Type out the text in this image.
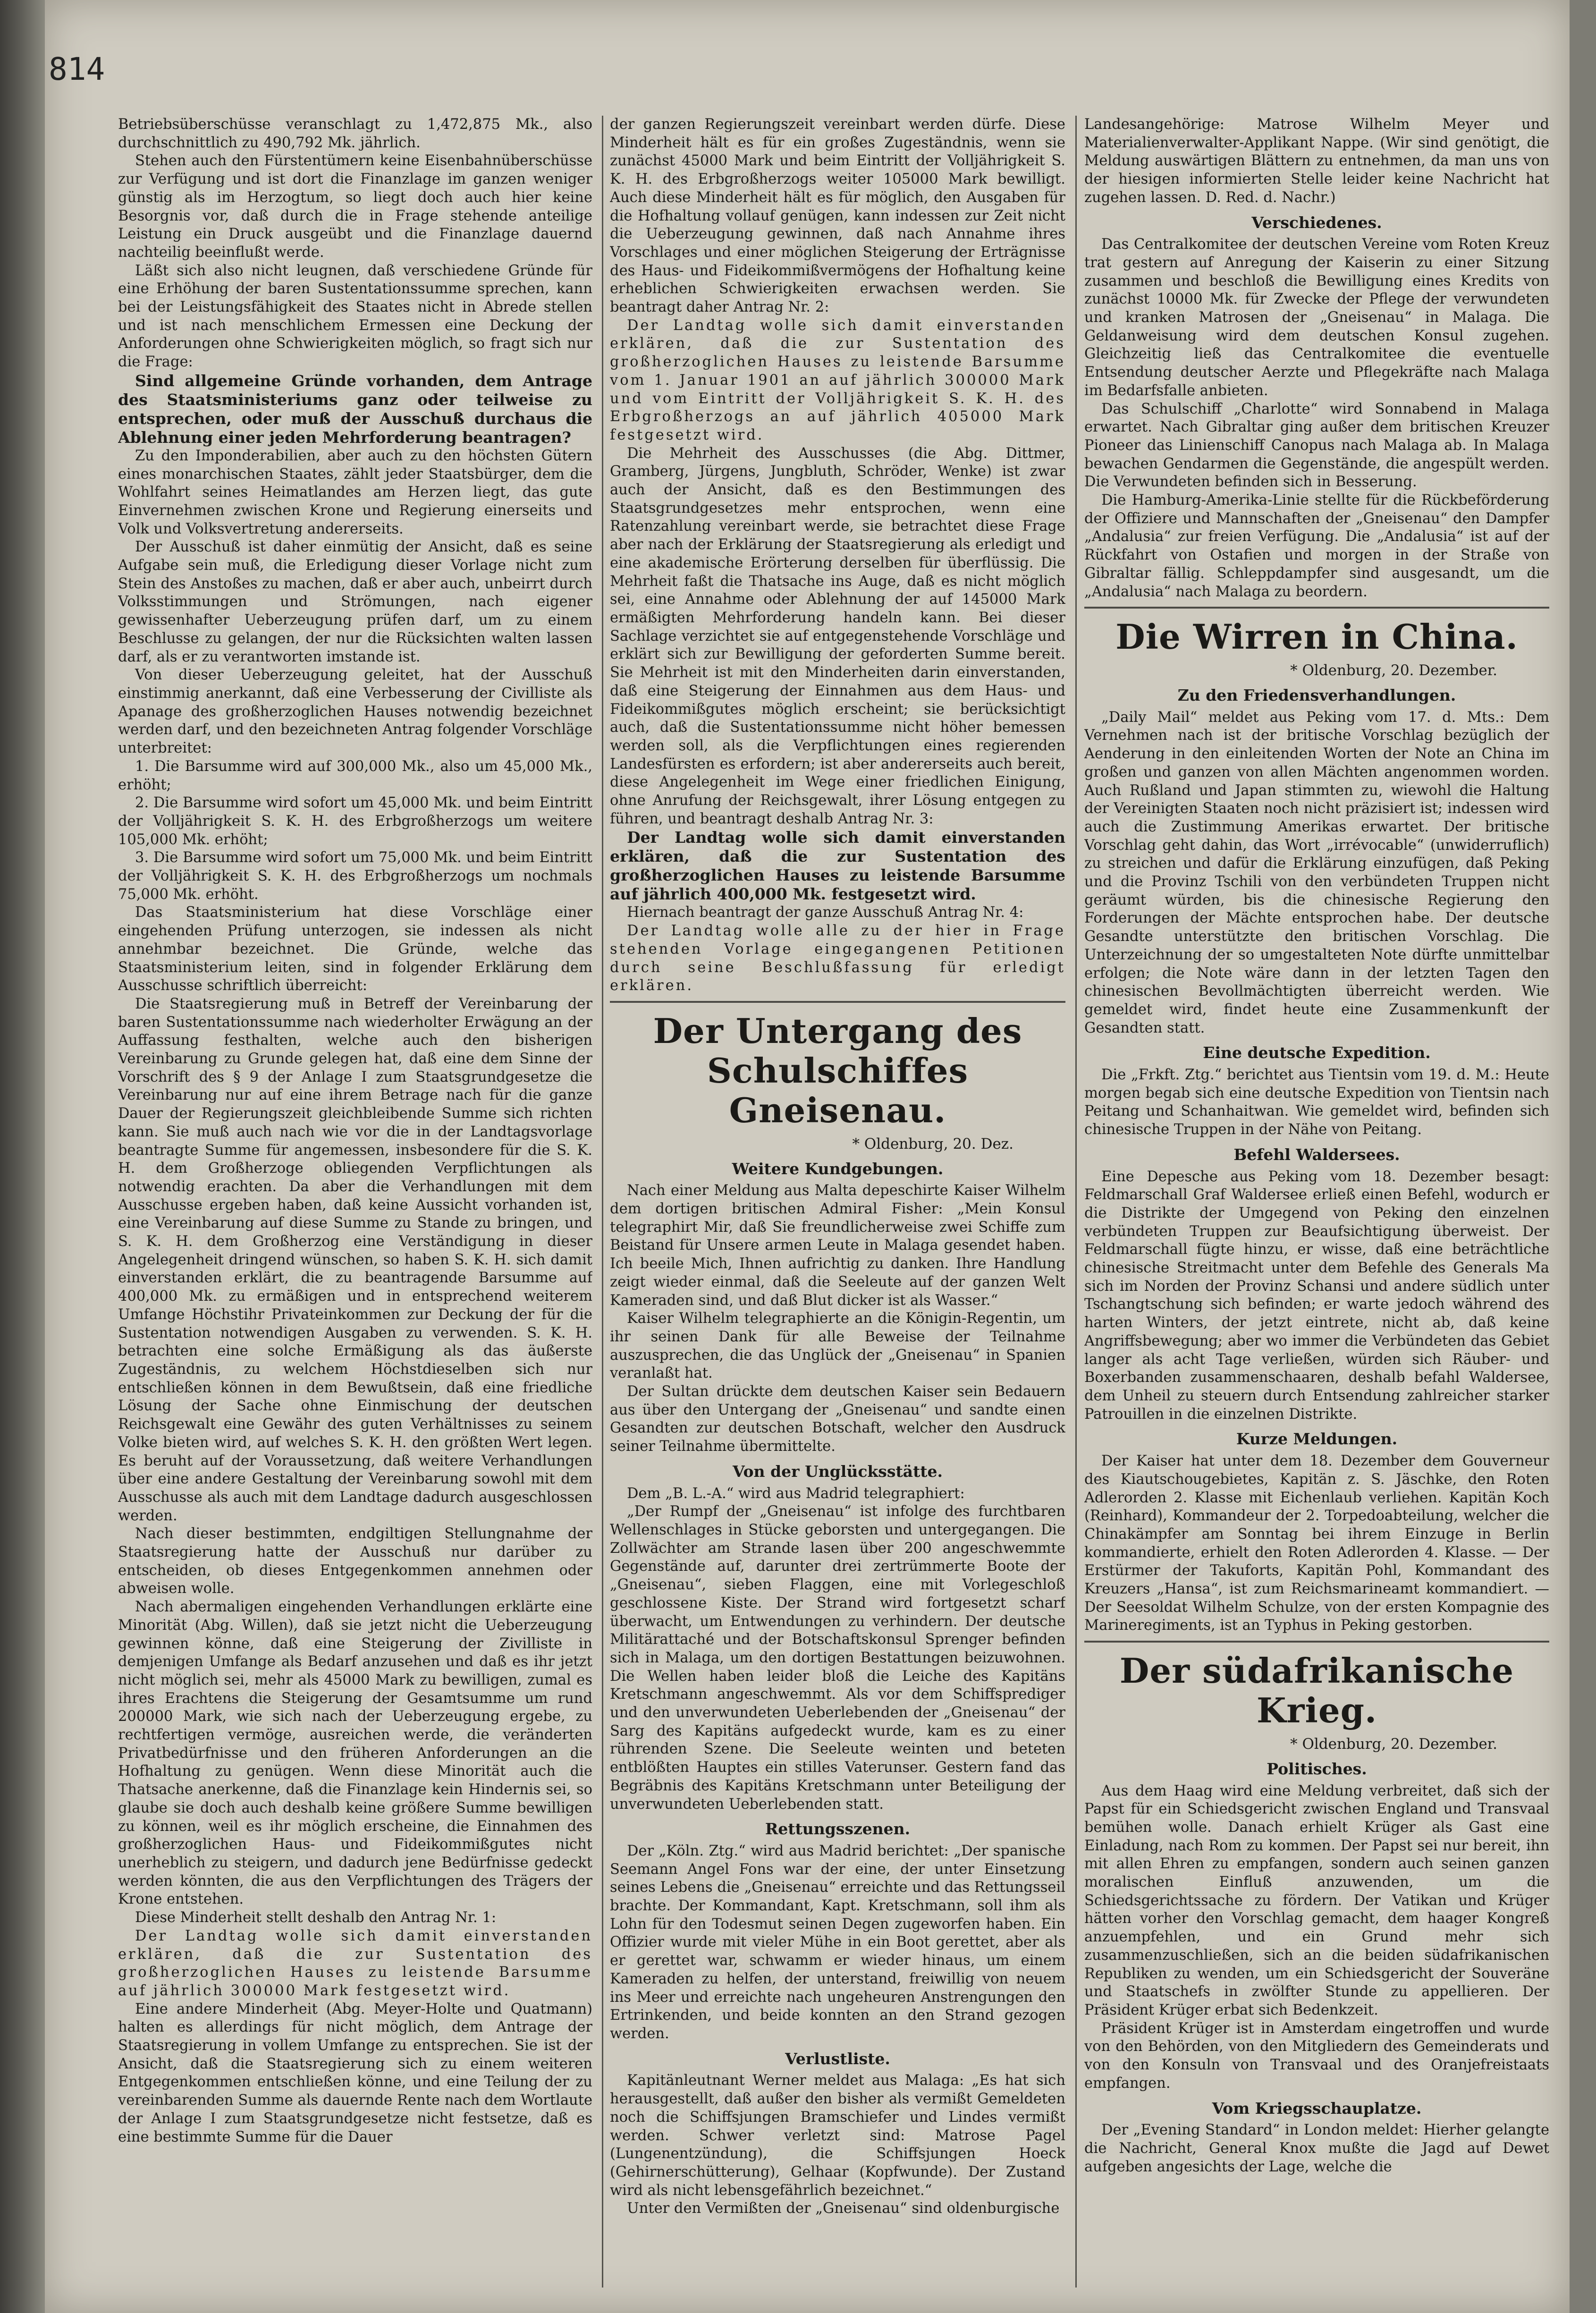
814

Betriebsüberschüsse veranschlagt zu 1,472,875 Mk., also durchschnittlich zu 490,792 Mk. jährlich.

Stehen auch den Fürstentümern keine Eisenbahnüberschüsse zur Verfügung und ist dort die Finanzlage im ganzen weniger günstig als im Herzogtum, so liegt doch auch hier keine Besorgnis vor, daß durch die in Frage stehende anteilige Leistung ein Druck ausgeübt und die Finanzlage dauernd nachteilig beeinflußt werde.

Läßt sich also nicht leugnen, daß verschiedene Gründe für eine Erhöhung der baren Sustentationssumme sprechen, kann bei der Leistungsfähigkeit des Staates nicht in Abrede stellen und ist nach menschlichem Ermessen eine Deckung der Anforderungen ohne Schwierigkeiten möglich, so fragt sich nur die Frage:

Sind allgemeine Gründe vorhanden, dem Antrage des Staatsministeriums ganz oder teilweise zu entsprechen, oder muß der Ausschuß durchaus die Ablehnung einer jeden Mehrforderung beantragen?

Zu den Imponderabilien, aber auch zu den höchsten Gütern eines monarchischen Staates, zählt jeder Staatsbürger, dem die Wohlfahrt seines Heimatlandes am Herzen liegt, das gute Einvernehmen zwischen Krone und Regierung einerseits und Volk und Volksvertretung andererseits.

Der Ausschuß ist daher einmütig der Ansicht, daß es seine Aufgabe sein muß, die Erledigung dieser Vorlage nicht zum Stein des Anstoßes zu machen, daß er aber auch, unbeirrt durch Volksstimmungen und Strömungen, nach eigener gewissenhafter Ueberzeugung prüfen darf, um zu einem Beschlusse zu gelangen, der nur die Rücksichten walten lassen darf, als er zu verantworten imstande ist.

Von dieser Ueberzeugung geleitet, hat der Ausschuß einstimmig anerkannt, daß eine Verbesserung der Civilliste als Apanage des großherzoglichen Hauses notwendig bezeichnet werden darf, und den bezeichneten Antrag folgender Vorschläge unterbreitet:

1. Die Barsumme wird auf 300,000 Mk., also um 45,000 Mk., erhöht;

2. Die Barsumme wird sofort um 45,000 Mk. und beim Eintritt der Volljährigkeit S. K. H. des Erbgroßherzogs um weitere 105,000 Mk. erhöht;

3. Die Barsumme wird sofort um 75,000 Mk. und beim Eintritt der Volljährigkeit S. K. H. des Erbgroßherzogs um nochmals 75,000 Mk. erhöht.

Das Staatsministerium hat diese Vorschläge einer eingehenden Prüfung unterzogen, sie indessen als nicht annehmbar bezeichnet. Die Gründe, welche das Staatsministerium leiten, sind in folgender Erklärung dem Ausschusse schriftlich überreicht:

Die Staatsregierung muß in Betreff der Vereinbarung der baren Sustentationssumme nach wiederholter Erwägung an der Auffassung festhalten, welche auch den bisherigen Vereinbarung zu Grunde gelegen hat, daß eine dem Sinne der Vorschrift des § 9 der Anlage I zum Staatsgrundgesetze die Vereinbarung nur auf eine ihrem Betrage nach für die ganze Dauer der Regierungszeit gleichbleibende Summe sich richten kann. Sie muß auch nach wie vor die in der Landtagsvorlage beantragte Summe für angemessen, insbesondere für die S. K. H. dem Großherzoge obliegenden Verpflichtungen als notwendig erachten. Da aber die Verhandlungen mit dem Ausschusse ergeben haben, daß keine Aussicht vorhanden ist, eine Vereinbarung auf diese Summe zu Stande zu bringen, und S. K. H. dem Großherzog eine Verständigung in dieser Angelegenheit dringend wünschen, so haben S. K. H. sich damit einverstanden erklärt, die zu beantragende Barsumme auf 400,000 Mk. zu ermäßigen und in entsprechend weiterem Umfange Höchstihr Privateinkommen zur Deckung der für die Sustentation notwendigen Ausgaben zu verwenden. S. K. H. betrachten eine solche Ermäßigung als das äußerste Zugeständnis, zu welchem Höchstdieselben sich nur entschließen können in dem Bewußtsein, daß eine friedliche Lösung der Sache ohne Einmischung der deutschen Reichsgewalt eine Gewähr des guten Verhältnisses zu seinem Volke bieten wird, auf welches S. K. H. den größten Wert legen. Es beruht auf der Voraussetzung, daß weitere Verhandlungen über eine andere Gestaltung der Vereinbarung sowohl mit dem Ausschusse als auch mit dem Landtage dadurch ausgeschlossen werden.

Nach dieser bestimmten, endgiltigen Stellungnahme der Staatsregierung hatte der Ausschuß nur darüber zu entscheiden, ob dieses Entgegenkommen annehmen oder abweisen wolle.

Nach abermaligen eingehenden Verhandlungen erklärte eine Minorität (Abg. Willen), daß sie jetzt nicht die Ueberzeugung gewinnen könne, daß eine Steigerung der Zivilliste in demjenigen Umfange als Bedarf anzusehen und daß es ihr jetzt nicht möglich sei, mehr als 45000 Mark zu bewilligen, zumal es ihres Erachtens die Steigerung der Gesamtsumme um rund 200000 Mark, wie sich nach der Ueberzeugung ergebe, zu rechtfertigen vermöge, ausreichen werde, die veränderten Privatbedürfnisse und den früheren Anforderungen an die Hofhaltung zu genügen. Wenn diese Minorität auch die Thatsache anerkenne, daß die Finanzlage kein Hindernis sei, so glaube sie doch auch deshalb keine größere Summe bewilligen zu können, weil es ihr möglich erscheine, die Einnahmen des großherzoglichen Haus- und Fideikommißgutes nicht unerheblich zu steigern, und dadurch jene Bedürfnisse gedeckt werden könnten, die aus den Verpflichtungen des Trägers der Krone entstehen.

Diese Minderheit stellt deshalb den Antrag Nr. 1:

Der Landtag wolle sich damit einverstanden erklären, daß die zur Sustentation des großherzoglichen Hauses zu leistende Barsumme auf jährlich 300000 Mark festgesetzt wird.

Eine andere Minderheit (Abg. Meyer-Holte und Quatmann) halten es allerdings für nicht möglich, dem Antrage der Staatsregierung in vollem Umfange zu entsprechen. Sie ist der Ansicht, daß die Staatsregierung sich zu einem weiteren Entgegenkommen entschließen könne, und eine Teilung der zu vereinbarenden Summe als dauernde Rente nach dem Wortlaute der Anlage I zum Staatsgrundgesetze nicht festsetze, daß es eine bestimmte Summe für die Dauer

der ganzen Regierungszeit vereinbart werden dürfe. Diese Minderheit hält es für ein großes Zugeständnis, wenn sie zunächst 45000 Mark und beim Eintritt der Volljährigkeit S. K. H. des Erbgroßherzogs weiter 105000 Mark bewilligt. Auch diese Minderheit hält es für möglich, den Ausgaben für die Hofhaltung vollauf genügen, kann indessen zur Zeit nicht die Ueberzeugung gewinnen, daß nach Annahme ihres Vorschlages und einer möglichen Steigerung der Erträgnisse des Haus- und Fideikommißvermögens der Hofhaltung keine erheblichen Schwierigkeiten erwachsen werden. Sie beantragt daher Antrag Nr. 2:

Der Landtag wolle sich damit einverstanden erklären, daß die zur Sustentation des großherzoglichen Hauses zu leistende Barsumme vom 1. Januar 1901 an auf jährlich 300000 Mark und vom Eintritt der Volljährigkeit S. K. H. des Erbgroßherzogs an auf jährlich 405000 Mark festgesetzt wird.

Die Mehrheit des Ausschusses (die Abg. Dittmer, Gramberg, Jürgens, Jungbluth, Schröder, Wenke) ist zwar auch der Ansicht, daß es den Bestimmungen des Staatsgrundgesetzes mehr entsprochen, wenn eine Ratenzahlung vereinbart werde, sie betrachtet diese Frage aber nach der Erklärung der Staatsregierung als erledigt und eine akademische Erörterung derselben für überflüssig. Die Mehrheit faßt die Thatsache ins Auge, daß es nicht möglich sei, eine Annahme oder Ablehnung der auf 145000 Mark ermäßigten Mehrforderung handeln kann. Bei dieser Sachlage verzichtet sie auf entgegenstehende Vorschläge und erklärt sich zur Bewilligung der geforderten Summe bereit. Sie Mehrheit ist mit den Minderheiten darin einverstanden, daß eine Steigerung der Einnahmen aus dem Haus- und Fideikommißgutes möglich erscheint; sie berücksichtigt auch, daß die Sustentationssumme nicht höher bemessen werden soll, als die Verpflichtungen eines regierenden Landesfürsten es erfordern; ist aber andererseits auch bereit, diese Angelegenheit im Wege einer friedlichen Einigung, ohne Anrufung der Reichsgewalt, ihrer Lösung entgegen zu führen, und beantragt deshalb Antrag Nr. 3:

Der Landtag wolle sich damit einverstanden erklären, daß die zur Sustentation des großherzoglichen Hauses zu leistende Barsumme auf jährlich 400,000 Mk. festgesetzt wird.

Hiernach beantragt der ganze Ausschuß Antrag Nr. 4:

Der Landtag wolle alle zu der hier in Frage stehenden Vorlage eingegangenen Petitionen durch seine Beschlußfassung für erledigt erklären.

Der Untergang des Schulschiffes Gneisenau.
* Oldenburg, 20. Dez.
Weitere Kundgebungen.

Nach einer Meldung aus Malta depeschirte Kaiser Wilhelm dem dortigen britischen Admiral Fisher: „Mein Konsul telegraphirt Mir, daß Sie freundlicherweise zwei Schiffe zum Beistand für Unsere armen Leute in Malaga gesendet haben. Ich beeile Mich, Ihnen aufrichtig zu danken. Ihre Handlung zeigt wieder einmal, daß die Seeleute auf der ganzen Welt Kameraden sind, und daß Blut dicker ist als Wasser.“

Kaiser Wilhelm telegraphierte an die Königin-Regentin, um ihr seinen Dank für alle Beweise der Teilnahme auszusprechen, die das Unglück der „Gneisenau“ in Spanien veranlaßt hat.

Der Sultan drückte dem deutschen Kaiser sein Bedauern aus über den Untergang der „Gneisenau“ und sandte einen Gesandten zur deutschen Botschaft, welcher den Ausdruck seiner Teilnahme übermittelte.

Von der Unglücksstätte.

Dem „B. L.-A.“ wird aus Madrid telegraphiert:

„Der Rumpf der „Gneisenau“ ist infolge des furchtbaren Wellenschlages in Stücke geborsten und untergegangen. Die Zollwächter am Strande lasen über 200 angeschwemmte Gegenstände auf, darunter drei zertrümmerte Boote der „Gneisenau“, sieben Flaggen, eine mit Vorlegeschloß geschlossene Kiste. Der Strand wird fortgesetzt scharf überwacht, um Entwendungen zu verhindern. Der deutsche Militärattaché und der Botschaftskonsul Sprenger befinden sich in Malaga, um den dortigen Bestattungen beizuwohnen. Die Wellen haben leider bloß die Leiche des Kapitäns Kretschmann angeschwemmt. Als vor dem Schiffsprediger und den unverwundeten Ueberlebenden der „Gneisenau“ der Sarg des Kapitäns aufgedeckt wurde, kam es zu einer rührenden Szene. Die Seeleute weinten und beteten entblößten Hauptes ein stilles Vaterunser. Gestern fand das Begräbnis des Kapitäns Kretschmann unter Beteiligung der unverwundeten Ueberlebenden statt.

Rettungsszenen.

Der „Köln. Ztg.“ wird aus Madrid berichtet: „Der spanische Seemann Angel Fons war der eine, der unter Einsetzung seines Lebens die „Gneisenau“ erreichte und das Rettungsseil brachte. Der Kommandant, Kapt. Kretschmann, soll ihm als Lohn für den Todesmut seinen Degen zugeworfen haben. Ein Offizier wurde mit vieler Mühe in ein Boot gerettet, aber als er gerettet war, schwamm er wieder hinaus, um einem Kameraden zu helfen, der unterstand, freiwillig von neuem ins Meer und erreichte nach ungeheuren Anstrengungen den Ertrinkenden, und beide konnten an den Strand gezogen werden.

Verlustliste.

Kapitänleutnant Werner meldet aus Malaga: „Es hat sich herausgestellt, daß außer den bisher als vermißt Gemeldeten noch die Schiffsjungen Bramschiefer und Lindes vermißt werden. Schwer verletzt sind: Matrose Pagel (Lungenentzündung), die Schiffsjungen Hoeck (Gehirnerschütterung), Gelhaar (Kopfwunde). Der Zustand wird als nicht lebensgefährlich bezeichnet.“

Unter den Vermißten der „Gneisenau“ sind oldenburgische

Landesangehörige: Matrose Wilhelm Meyer und Materialienverwalter-Applikant Nappe. (Wir sind genötigt, die Meldung auswärtigen Blättern zu entnehmen, da man uns von der hiesigen informierten Stelle leider keine Nachricht hat zugehen lassen. D. Red. d. Nachr.)

Verschiedenes.

Das Centralkomitee der deutschen Vereine vom Roten Kreuz trat gestern auf Anregung der Kaiserin zu einer Sitzung zusammen und beschloß die Bewilligung eines Kredits von zunächst 10000 Mk. für Zwecke der Pflege der verwundeten und kranken Matrosen der „Gneisenau“ in Malaga. Die Geldanweisung wird dem deutschen Konsul zugehen. Gleichzeitig ließ das Centralkomitee die eventuelle Entsendung deutscher Aerzte und Pflegekräfte nach Malaga im Bedarfsfalle anbieten.

Das Schulschiff „Charlotte“ wird Sonnabend in Malaga erwartet. Nach Gibraltar ging außer dem britischen Kreuzer Pioneer das Linienschiff Canopus nach Malaga ab. In Malaga bewachen Gendarmen die Gegenstände, die angespült werden. Die Verwundeten befinden sich in Besserung.

Die Hamburg-Amerika-Linie stellte für die Rückbeförderung der Offiziere und Mannschaften der „Gneisenau“ den Dampfer „Andalusia“ zur freien Verfügung. Die „Andalusia“ ist auf der Rückfahrt von Ostafien und morgen in der Straße von Gibraltar fällig. Schleppdampfer sind ausgesandt, um die „Andalusia“ nach Malaga zu beordern.

Die Wirren in China.
* Oldenburg, 20. Dezember.
Zu den Friedensverhandlungen.

„Daily Mail“ meldet aus Peking vom 17. d. Mts.: Dem Vernehmen nach ist der britische Vorschlag bezüglich der Aenderung in den einleitenden Worten der Note an China im großen und ganzen von allen Mächten angenommen worden. Auch Rußland und Japan stimmten zu, wiewohl die Haltung der Vereinigten Staaten noch nicht präzisiert ist; indessen wird auch die Zustimmung Amerikas erwartet. Der britische Vorschlag geht dahin, das Wort „irrévocable“ (unwiderruflich) zu streichen und dafür die Erklärung einzufügen, daß Peking und die Provinz Tschili von den verbündeten Truppen nicht geräumt würden, bis die chinesische Regierung den Forderungen der Mächte entsprochen habe. Der deutsche Gesandte unterstützte den britischen Vorschlag. Die Unterzeichnung der so umgestalteten Note dürfte unmittelbar erfolgen; die Note wäre dann in der letzten Tagen den chinesischen Bevollmächtigten überreicht werden. Wie gemeldet wird, findet heute eine Zusammenkunft der Gesandten statt.

Eine deutsche Expedition.

Die „Frkft. Ztg.“ berichtet aus Tientsin vom 19. d. M.: Heute morgen begab sich eine deutsche Expedition von Tientsin nach Peitang und Schanhaitwan. Wie gemeldet wird, befinden sich chinesische Truppen in der Nähe von Peitang.

Befehl Waldersees.

Eine Depesche aus Peking vom 18. Dezember besagt: Feldmarschall Graf Waldersee erließ einen Befehl, wodurch er die Distrikte der Umgegend von Peking den einzelnen verbündeten Truppen zur Beaufsichtigung überweist. Der Feldmarschall fügte hinzu, er wisse, daß eine beträchtliche chinesische Streitmacht unter dem Befehle des Generals Ma sich im Norden der Provinz Schansi und andere südlich unter Tschangtschung sich befinden; er warte jedoch während des harten Winters, der jetzt eintrete, nicht ab, daß keine Angriffsbewegung; aber wo immer die Verbündeten das Gebiet langer als acht Tage verließen, würden sich Räuber- und Boxerbanden zusammenschaaren, deshalb befahl Waldersee, dem Unheil zu steuern durch Entsendung zahlreicher starker Patrouillen in die einzelnen Distrikte.

Kurze Meldungen.

Der Kaiser hat unter dem 18. Dezember dem Gouverneur des Kiautschougebietes, Kapitän z. S. Jäschke, den Roten Adlerorden 2. Klasse mit Eichenlaub verliehen. Kapitän Koch (Reinhard), Kommandeur der 2. Torpedoabteilung, welcher die Chinakämpfer am Sonntag bei ihrem Einzuge in Berlin kommandierte, erhielt den Roten Adlerorden 4. Klasse. — Der Erstürmer der Takuforts, Kapitän Pohl, Kommandant des Kreuzers „Hansa“, ist zum Reichsmarineamt kommandiert. — Der Seesoldat Wilhelm Schulze, von der ersten Kompagnie des Marineregiments, ist an Typhus in Peking gestorben.

Der südafrikanische Krieg.
* Oldenburg, 20. Dezember.
Politisches.

Aus dem Haag wird eine Meldung verbreitet, daß sich der Papst für ein Schiedsgericht zwischen England und Transvaal bemühen wolle. Danach erhielt Krüger als Gast eine Einladung, nach Rom zu kommen. Der Papst sei nur bereit, ihn mit allen Ehren zu empfangen, sondern auch seinen ganzen moralischen Einfluß anzuwenden, um die Schiedsgerichtssache zu fördern. Der Vatikan und Krüger hätten vorher den Vorschlag gemacht, dem haager Kongreß anzuempfehlen, und ein Grund mehr sich zusammenzuschließen, sich an die beiden südafrikanischen Republiken zu wenden, um ein Schiedsgericht der Souveräne und Staatschefs in zwölfter Stunde zu appellieren. Der Präsident Krüger erbat sich Bedenkzeit.

Präsident Krüger ist in Amsterdam eingetroffen und wurde von den Behörden, von den Mitgliedern des Gemeinderats und von den Konsuln von Transvaal und des Oranjefreistaats empfangen.

Vom Kriegsschauplatze.

Der „Evening Standard“ in London meldet: Hierher gelangte die Nachricht, General Knox mußte die Jagd auf Dewet aufgeben angesichts der Lage, welche die
